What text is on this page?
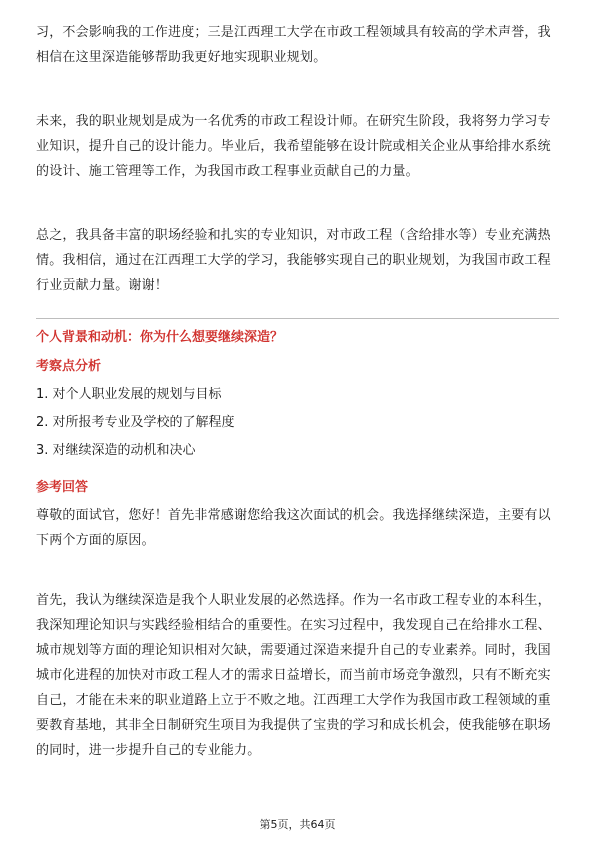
习，不会影响我的工作进度；三是江西理工大学在市政工程领域具有较高的学术声誉，我相信在这里深造能够帮助我更好地实现职业规划。

未来，我的职业规划是成为一名优秀的市政工程设计师。在研究生阶段，我将努力学习专业知识，提升自己的设计能力。毕业后，我希望能够在设计院或相关企业从事给排水系统的设计、施工管理等工作，为我国市政工程事业贡献自己的力量。

总之，我具备丰富的职场经验和扎实的专业知识，对市政工程（含给排水等）专业充满热情。我相信，通过在江西理工大学的学习，我能够实现自己的职业规划，为我国市政工程行业贡献力量。谢谢！

个人背景和动机：你为什么想要继续深造？

考察点分析

1. 对个人职业发展的规划与目标

2. 对所报考专业及学校的了解程度

3. 对继续深造的动机和决心

参考回答

尊敬的面试官，您好！首先非常感谢您给我这次面试的机会。我选择继续深造，主要有以下两个方面的原因。

首先，我认为继续深造是我个人职业发展的必然选择。作为一名市政工程专业的本科生，我深知理论知识与实践经验相结合的重要性。在实习过程中，我发现自己在给排水工程、城市规划等方面的理论知识相对欠缺，需要通过深造来提升自己的专业素养。同时，我国城市化进程的加快对市政工程人才的需求日益增长，而当前市场竞争激烈，只有不断充实自己，才能在未来的职业道路上立于不败之地。江西理工大学作为我国市政工程领域的重要教育基地，其非全日制研究生项目为我提供了宝贵的学习和成长机会，使我能够在职场的同时，进一步提升自己的专业能力。

第5页，共64页
